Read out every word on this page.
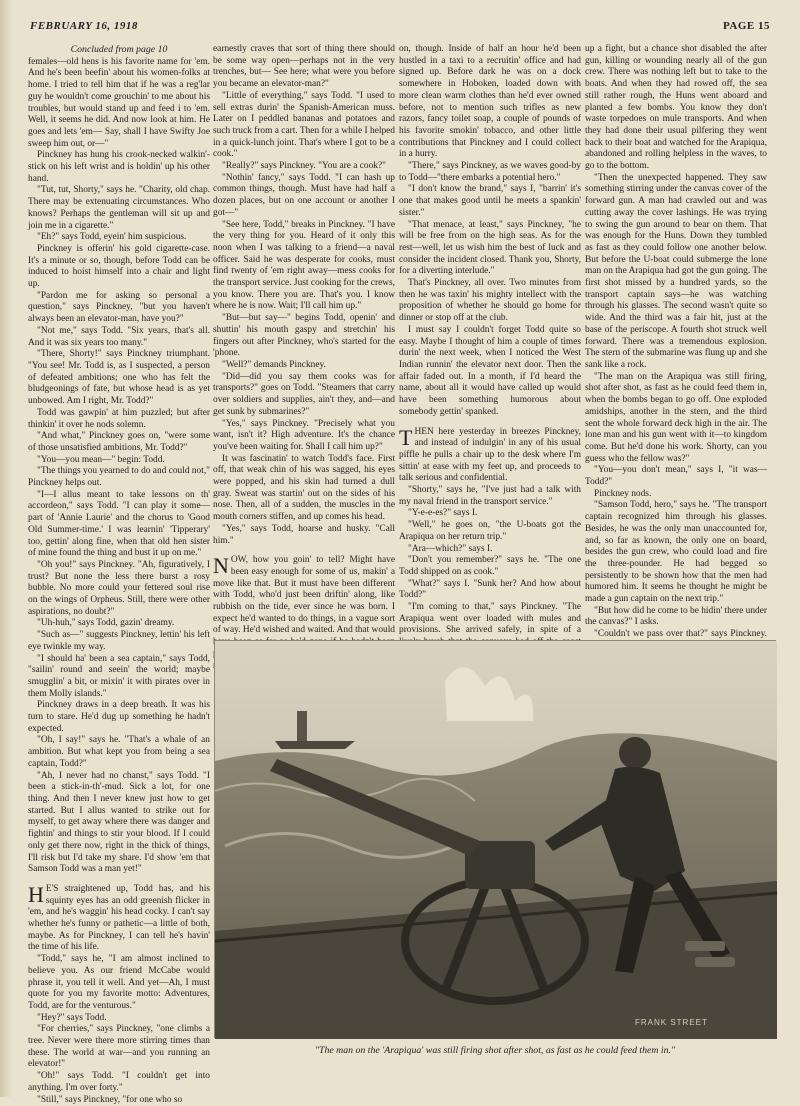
FEBRUARY 16, 1918	PAGE 15
Concluded from page 10

females—old hens is his favorite name for 'em. And he's been beefin' about his women-folks at home. I tried to tell him that if he was a reg'lar guy he wouldn't come grouchin' to me about his troubles, but would stand up and feed i to 'em. Well, it seems he did. And now look at him. He goes and lets 'em— Say, shall I have Swifty Joe sweep him out, or—"

Pinckney has hung his crook-necked walkin'-stick on his left wrist and is holdin' up his other hand.

"Tut, tut, Shorty," says he. "Charity, old chap. There may be extenuating circumstances. Who knows? Perhaps the gentleman will sit up and join me in a cigarette."

"Eh?" says Todd, eyein' him suspicious.

Pinckney is offerin' his gold cigarette-case. It's a minute or so, though, before Todd can be induced to hoist himself into a chair and light up.

"Pardon me for asking so personal a question," says Pinckney, "but you haven't always been an elevator-man, have you?"

"Not me," says Todd. "Six years, that's all. And it was six years too many."

"There, Shorty!" says Pinckney triumphant. "You see! Mr. Todd is, as I suspected, a person of defeated ambitions; one who has felt the bludgeonings of fate, but whose head is as yet unbowed. Am I right, Mr. Todd?"

Todd was gawpin' at him puzzled; but after thinkin' it over he nods solemn.

"And what," Pinckney goes on, "were some of those unsatisfied ambitions, Mr. Todd?"

"You—you mean—" begin: Todd.

"The things you yearned to do and could not," Pinckney helps out.

"I—I allus meant to take lessons on th' accordeon," says Todd. "I can play it some—part of 'Annie Laurie' and the chorus to 'Good Old Summer-time.' I was learnin' 'Tipperary' too, gettin' along fine, when that old hen sister of mine found the thing and bust it up on me."

"Oh you!" says Pinckney. "Ah, figuratively, I trust? But none the less there burst a rosy bubble. No more could your fettered soul rise on the wings of Orpheus. Still, there were other aspirations, no doubt?"

"Uh-huh," says Todd, gazin' dreamy.

"Such as—" suggests Pinckney, lettin' his left eye twinkle my way.

"I should ha' been a sea captain," says Todd, "sailin' round and seein' the world; maybe smugglin' a bit, or mixin' it with pirates over in them Molly islands."

Pinckney draws in a deep breath. It was his turn to stare. He'd dug up something he hadn't expected.

"Oh, I say!" says he. "That's a whale of an ambition. But what kept you from being a sea captain, Todd?"

"Ah, I never had no chanst," says Todd. "I been a stick-in-th'-mud. Sick a lot, for one thing. And then I never knew just how to get started. But I allus wanted to strike out for myself, to get away where there was danger and fightin' and things to stir your blood. If I could only get there now, right in the thick of things, I'll risk but I'd take my share. I'd show 'em that Samson Todd was a man yet!"

H E'S straightened up, Todd has, and his squinty eyes has an odd greenish flicker in 'em, and he's waggin' his head cocky. I can't say whether he's funny or pathetic—a little of both, maybe. As for Pinckney, I can tell he's havin' the time of his life.

"Todd," says he, "I am almost inclined to believe you. As our friend McCabe would phrase it, you tell it well. And yet—Ah, I must quote for you my favorite motto: Adventures, Todd, are for the venturous."

"Hey?" says Todd.

"For cherries," says Pinckney, "one climbs a tree. Never were there more stirring times than these. The world at war—and you running an elevator!"

"Oh!" says Todd. "I couldn't get into anything. I'm over forty."

"Still," says Pinckney, "for one who so

earnestly craves that sort of thing there should be some way open—perhaps not in the very trenches, but— See here; what were you before you became an elevator-man?"

"Little of everything," says Todd. "I used to sell extras durin' the Spanish-American muss. Later on I peddled bananas and potatoes and such truck from a cart. Then for a while I helped in a quick-lunch joint. That's where I got to be a cook."

"Really?" says Pinckney. "You are a cook?"

"Nothin' fancy," says Todd. "I can hash up common things, though. Must have had half a dozen places, but on one account or another I got—"

"See here, Todd," breaks in Pinckney. "I have the very thing for you. Heard of it only this noon when I was talking to a friend—a naval officer. Said he was desperate for cooks, must find twenty of 'em right away—mess cooks for the transport service. Just cooking for the crews, you know. There you are. That's you. I know where he is now. Wait; I'll call him up."

"But—but say—" begins Todd, openin' and shuttin' his mouth gaspy and stretchin' his fingers out after Pinckney, who's started for the 'phone.

"Well?" demands Pinckney.

"Did—did you say them cooks was for transports?" goes on Todd. "Steamers that carry over soldiers and supplies, ain't they, and—and get sunk by submarines?"

"Yes," says Pinckney. "Precisely what you want, isn't it? High adventure. It's the chance you've been waiting for. Shall I call him up?"

It was fascinatin' to watch Todd's face. First off, that weak chin of his was sagged, his eyes were popped, and his skin had turned a dull gray. Sweat was startin' out on the sides of his nose. Then, all of a sudden, the muscles in the mouth corners stiffen, and up comes his head.

"Yes," says Todd, hoarse and husky. "Call him."

NOW, how you goin' to tell? Might have been easy enough for some of us, makin' a move like that. But it must have been different with Todd, who'd just been driftin' along, like rubbish on the tide, ever since he was born. I expect he'd wanted to do things, in a vague sort of way. He'd wished and waited. And that would

on, though. Inside of half an hour he'd been hustled in a taxi to a recruitin' office and had signed up. Before dark he was on a dock somewhere in Hoboken, loaded down with more clean warm clothes than he'd ever owned before, not to mention such trifles as new razors, fancy toilet soap, a couple of pounds of his favorite smokin' tobacco, and other little contributions that Pinckney and I could collect in a hurry.

"There," says Pinckney, as we waves good-by to Todd—"there embarks a potential hero."

"I don't know the brand," says I, "barrin' it's one that makes good until he meets a spankin' sister."

"That menace, at least," says Pinckney, "he will be free from on the high seas. As for the rest—well, let us wish him the best of luck and consider the incident closed. Thank you, Shorty, for a diverting interlude."

That's Pinckney, all over. Two minutes from then he was taxin' his mighty intellect with the proposition of whether he should go home for dinner or stop off at the club.

I must say I couldn't forget Todd quite so easy. Maybe I thought of him a couple of times durin' the next week, when I noticed the West Indian runnin' the elevator next door. Then the affair faded out. In a month, if I'd heard the name, about all it would have called up would have been something humorous about somebody gettin' spanked.

THEN here yesterday in breezes Pinckney, and instead of indulgin' in any of his usual piffle he pulls a chair up to the desk where I'm sittin' at ease with my feet up, and proceeds to talk serious and confidential.

"Shorty," says he, "I've just had a talk with my naval friend in the transport service."

"Y-e-e-es?" says I.

"Well," he goes on, "the U-boats got the Arapiqua on her return trip."

"Ara—which?" says I.

"Don't you remember?" says he. "The one Todd shipped on as cook."

"What?" says I. "Sunk her? And how about Todd?"

"I'm coming to that," says Pinckney. "The Arapiqua went over loaded with mules and provisions. She arrived safely, in spite of a

up a fight, but a chance shot disabled the after gun, killing or wounding nearly all of the gun crew. There was nothing left but to take to the boats. And when they had rowed off, the sea still rather rough, the Huns went aboard and planted a few bombs. You know they don't waste torpedoes on mule transports. And when they had done their usual pilfering they went back to their boat and watched for the Arapiqua, abandoned and rolling helpless in the waves, to go to the bottom.

"Then the unexpected happened. They saw something stirring under the canvas cover of the forward gun. A man had crawled out and was cutting away the cover lashings. He was trying to swing the gun around to bear on them. That was enough for the Huns. Down they tumbled as fast as they could follow one another below. But before the U-boat could submerge the lone man on the Arapiqua had got the gun going. The first shot missed by a hundred yards, so the transport captain says—he was watching through his glasses. The second wasn't quite so wide. And the third was a fair hit, just at the base of the periscope. A fourth shot struck well forward. There was a tremendous explosion. The stern of the submarine was flung up and she sank like a rock.

"The man on the Arapiqua was still firing, shot after shot, as fast as he could feed them in, when the bombs began to go off. One exploded amidships, another in the stern, and the third sent the whole forward deck high in the air. The lone man and his gun went with it—to kingdom come. But he'd done his work. Shorty, can you guess who the fellow was?"

"You—you don't mean," says I, "it was—Todd?"

Pinckney nods.

"Samson Todd, hero," says he. "The transport captain recognized him through his glasses. Besides, he was the only man unaccounted for, and, so far as known, the only one on board, besides the gun crew, who could load and fire the three-pounder. He had begged so persistently to be shown how that the men had humored him. It seems he thought he might be made a gun captain on the next trip."

"But how did he come to be hidin' there under the canvas?" I asks.

"Couldn't we pass over that?" says Pinckney.

FRANK STREET
"The man on the 'Arapiqua' was still firing shot after shot, as fast as he could feed them in."
